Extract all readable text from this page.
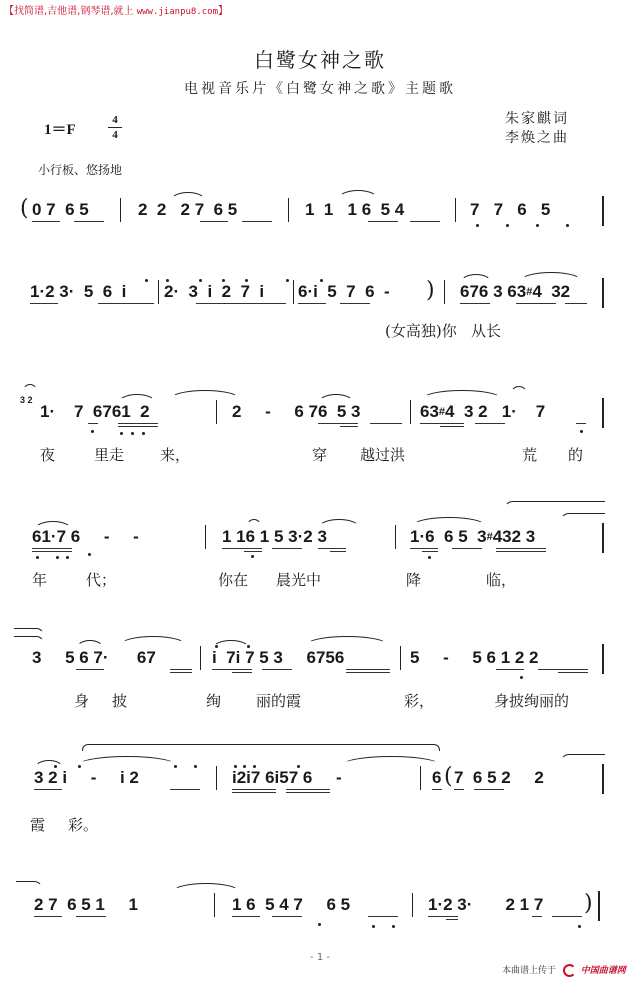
【找简谱,吉他谱,钢琴谱,就上 www.jianpu8.com】
白鹭女神之歌
电视音乐片《白鹭女神之歌》主题歌
1＝F
4
4
朱家麒词
李焕之曲
小行板、悠扬地
( 0 7  6 5	2  2   2 7  6 5	1  1   1 6  5 4	7   7   6   5
1·2 3·  5  6  i 2·  3  i  2  7  i 6·i  5  7  6  - ) 676 3 63#4  32
(女高独)你   从长
3 2
1·    7  6761  2	2     -     6 76  5 3	63#4  3 2   1·    7
夜	里走 来，	穿 越过洪	荒 的
61·7 6     -     -	1 16 1 5 3·2 3	1·6  6 5  3#432 3
年	代；	你在 晨光中	降	临，
3     5 6 7·      67	i  7i 7 5 3     6756	5     -     5 6 1 2 2
身 披	绚 丽的霞	彩，	身披绚丽的
3 2 i     -     i 2	i2i7 6i57 6     -	6 ( 7  6 5 2     2
霞 彩。
2 7  6 5 1     1	1 6  5 4 7     6 5	1·2 3·       2 1 7 )
- 1 -
本曲谱上传于	中国曲谱网
